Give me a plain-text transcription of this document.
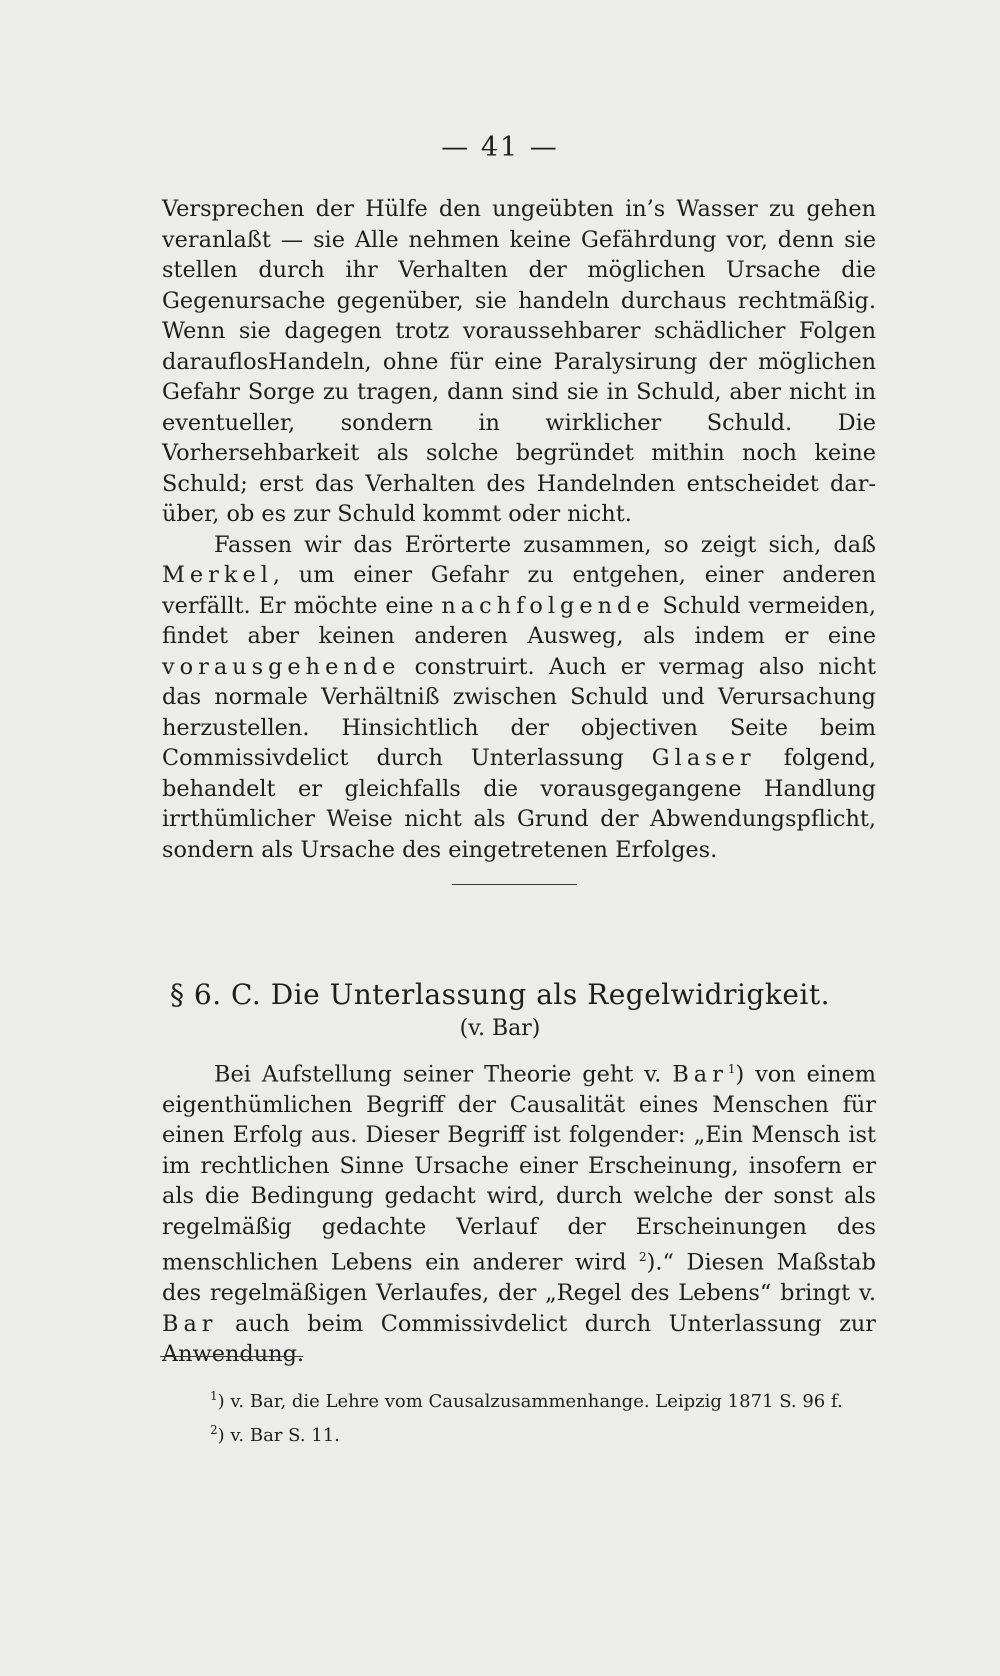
— 41 —

Versprechen der Hülfe den ungeübten in’s Wasser zu gehen veranlaßt — sie Alle nehmen keine Gefährdung vor, denn sie stellen durch ihr Verhalten der möglichen Ursache die Gegenursache gegenüber, sie handeln durchaus rechtmäßig. Wenn sie dagegen trotz voraussehbarer schädlicher Folgen darauflosHandeln, ohne für eine Paralysirung der möglichen Gefahr Sorge zu tragen, dann sind sie in Schuld, aber nicht in eventueller, sondern in wirklicher Schuld. Die Vorhersehbarkeit als solche begründet mithin noch keine Schuld; erst das Verhalten des Handelnden entscheidet darüber, ob es zur Schuld kommt oder nicht.

Fassen wir das Erörterte zusammen, so zeigt sich, daß Merkel, um einer Gefahr zu entgehen, einer anderen verfällt. Er möchte eine nachfolgende Schuld vermeiden, findet aber keinen anderen Ausweg, als indem er eine vorausgehende construirt. Auch er vermag also nicht das normale Verhältniß zwischen Schuld und Verursachung herzustellen. Hinsichtlich der objectiven Seite beim Commissivdelict durch Unterlassung Glaser folgend, behandelt er gleichfalls die vorausgegangene Handlung irrthümlicher Weise nicht als Grund der Abwendungspflicht, sondern als Ursache des eingetretenen Erfolges.

§ 6. C. Die Unterlassung als Regelwidrigkeit.
(v. Bar)

Bei Aufstellung seiner Theorie geht v. Bar$^1$) von einem eigenthümlichen Begriff der Causalität eines Menschen für einen Erfolg aus. Dieser Begriff ist folgender: „Ein Mensch ist im rechtlichen Sinne Ursache einer Erscheinung, insofern er als die Bedingung gedacht wird, durch welche der sonst als regelmäßig gedachte Verlauf der Erscheinungen des menschlichen Lebens ein anderer wird $^2$).“ Diesen Maßstab des regelmäßigen Verlaufes, der „Regel des Lebens“ bringt v. Bar auch beim Commissivdelict durch Unterlassung zur Anwendung.

$^1$) v. Bar, die Lehre vom Causalzusammenhange. Leipzig 1871 S. 96 f.
$^2$) v. Bar S. 11.
